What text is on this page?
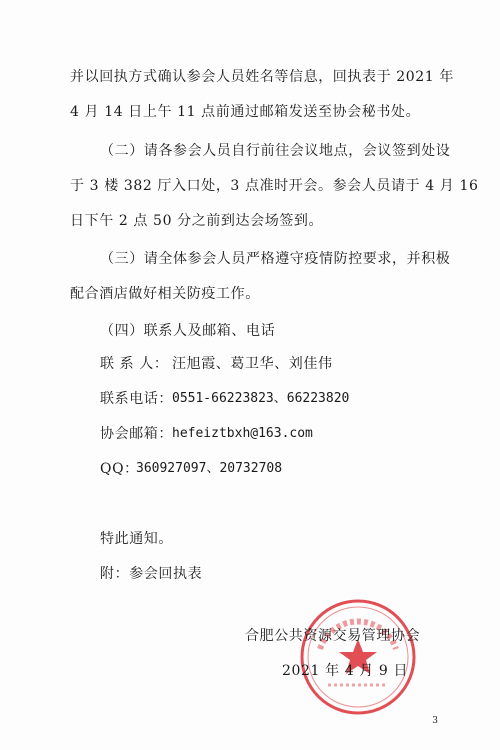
并以回执方式确认参会人员姓名等信息，回执表于 2021 年
4 月 14 日上午 11 点前通过邮箱发送至协会秘书处。
（二）请各参会人员自行前往会议地点，会议签到处设
于 3 楼 382 厅入口处，3 点准时开会。参会人员请于 4 月 16
日下午 2 点 50 分之前到达会场签到。
（三）请全体参会人员严格遵守疫情防控要求，并积极
配合酒店做好相关防疫工作。
（四）联系人及邮箱、电话
联 系 人： 汪旭霞、葛卫华、刘佳伟
联系电话： 0551-66223823、66223820
协会邮箱： hefeiztbxh@163.com
QQ：
360927097、20732708
特此通知。
附：参会回执表
合肥公共资源交易管理协会
2021 年 4 月 9 日
3
